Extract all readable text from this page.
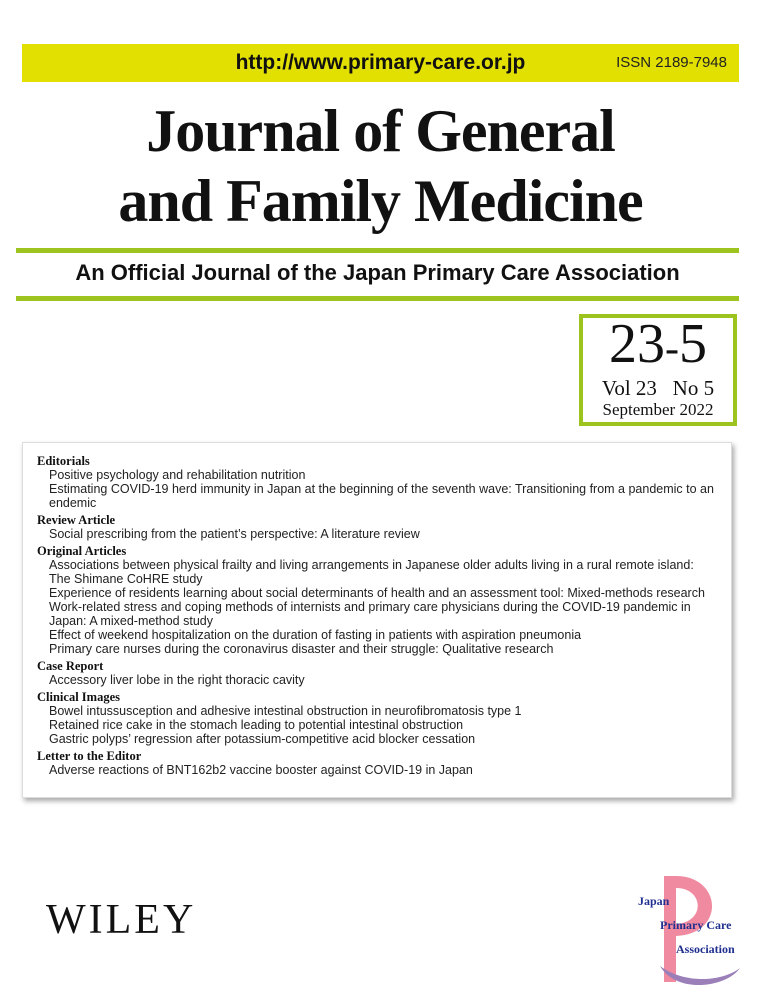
http://www.primary-care.or.jp	ISSN 2189-7948
Journal of General
and Family Medicine
An Official Journal of the Japan Primary Care Association
23-5
Vol 23   No 5
September 2022
Editorials
Positive psychology and rehabilitation nutrition
Estimating COVID-19 herd immunity in Japan at the beginning of the seventh wave: Transitioning from a pandemic to an endemic
Review Article
Social prescribing from the patient’s perspective: A literature review
Original Articles
Associations between physical frailty and living arrangements in Japanese older adults living in a rural remote island: The Shimane CoHRE study
Experience of residents learning about social determinants of health and an assessment tool: Mixed-methods research
Work-related stress and coping methods of internists and primary care physicians during the COVID-19 pandemic in Japan: A mixed-method study
Effect of weekend hospitalization on the duration of fasting in patients with aspiration pneumonia
Primary care nurses during the coronavirus disaster and their struggle: Qualitative research
Case Report
Accessory liver lobe in the right thoracic cavity
Clinical Images
Bowel intussusception and adhesive intestinal obstruction in neurofibromatosis type 1
Retained rice cake in the stomach leading to potential intestinal obstruction
Gastric polyps’ regression after potassium-competitive acid blocker cessation
Letter to the Editor
Adverse reactions of BNT162b2 vaccine booster against COVID-19 in Japan
WILEY	Japan
Primary Care
Association
